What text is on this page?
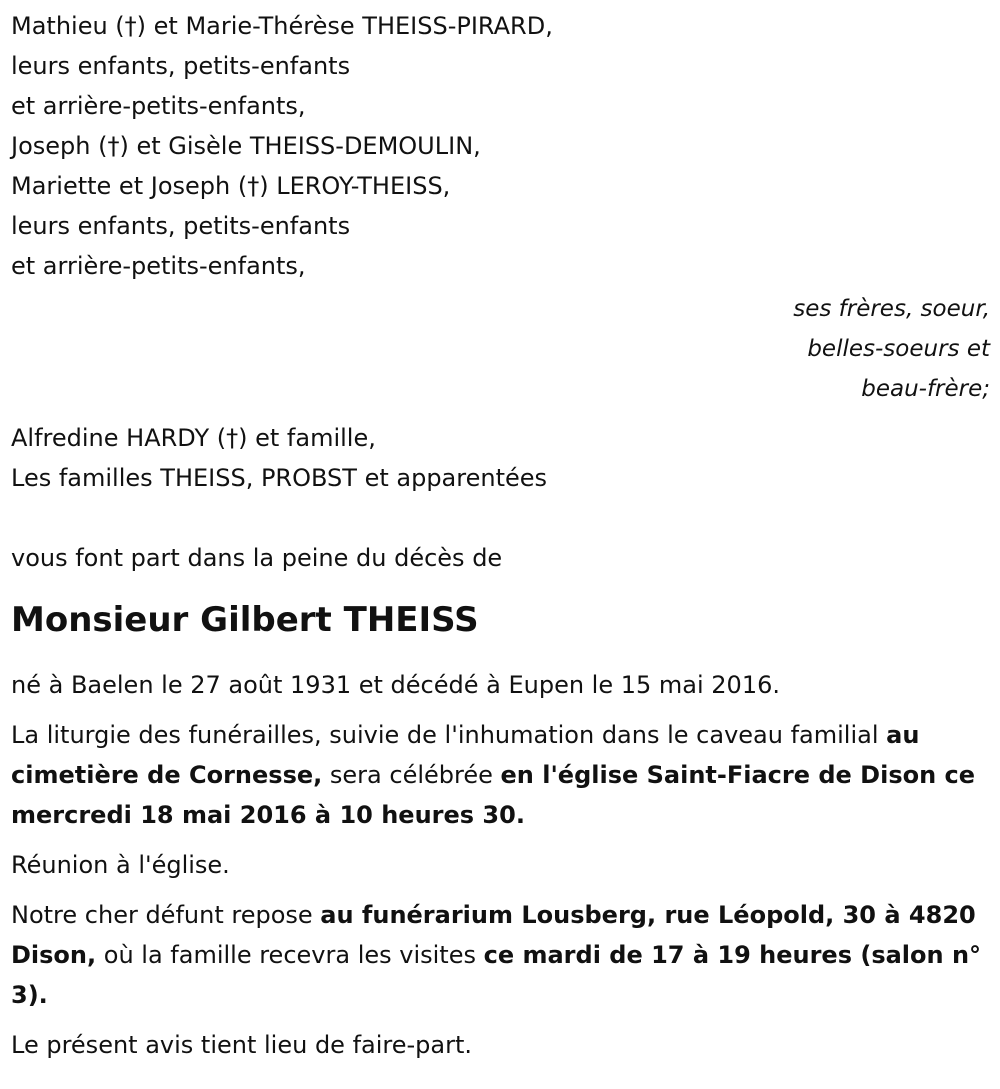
Mathieu (†) et Marie-Thérèse THEISS-PIRARD,
leurs enfants, petits-enfants
et arrière-petits-enfants,
Joseph (†) et Gisèle THEISS-DEMOULIN,
Mariette et Joseph (†) LEROY-THEISS,
leurs enfants, petits-enfants
et arrière-petits-enfants,
ses frères, soeur,
belles-soeurs et
beau-frère;
Alfredine HARDY (†) et famille,
Les familles THEISS, PROBST et apparentées
vous font part dans la peine du décès de
Monsieur Gilbert THEISS
né à Baelen le 27 août 1931 et décédé à Eupen le 15 mai 2016.
La liturgie des funérailles, suivie de l'inhumation dans le caveau familial au cimetière de Cornesse, sera célébrée en l'église Saint-Fiacre de Dison ce mercredi 18 mai 2016 à 10 heures 30.
Réunion à l'église.
Notre cher défunt repose au funérarium Lousberg, rue Léopold, 30 à 4820 Dison, où la famille recevra les visites ce mardi de 17 à 19 heures (salon n° 3).
Le présent avis tient lieu de faire-part.
